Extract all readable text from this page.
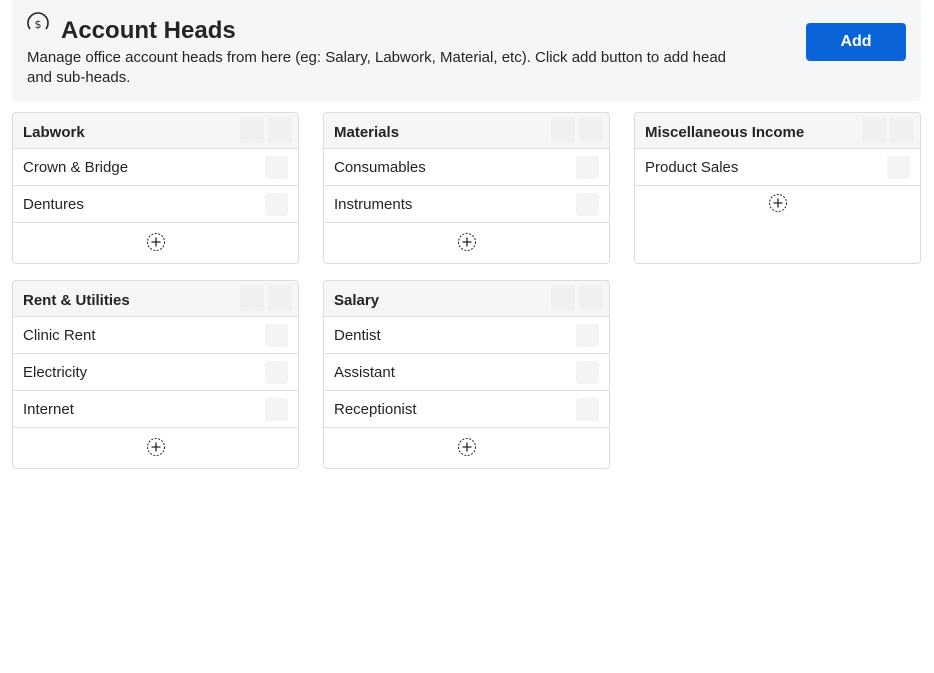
$ Account Heads
Manage office account heads from here (eg: Salary, Labwork, Material, etc). Click add button to add head and sub-heads.
Add
Labwork
Crown & Bridge
Dentures
Materials
Consumables
Instruments
Miscellaneous Income
Product Sales
Rent & Utilities
Clinic Rent
Electricity
Internet
Salary
Dentist
Assistant
Receptionist
